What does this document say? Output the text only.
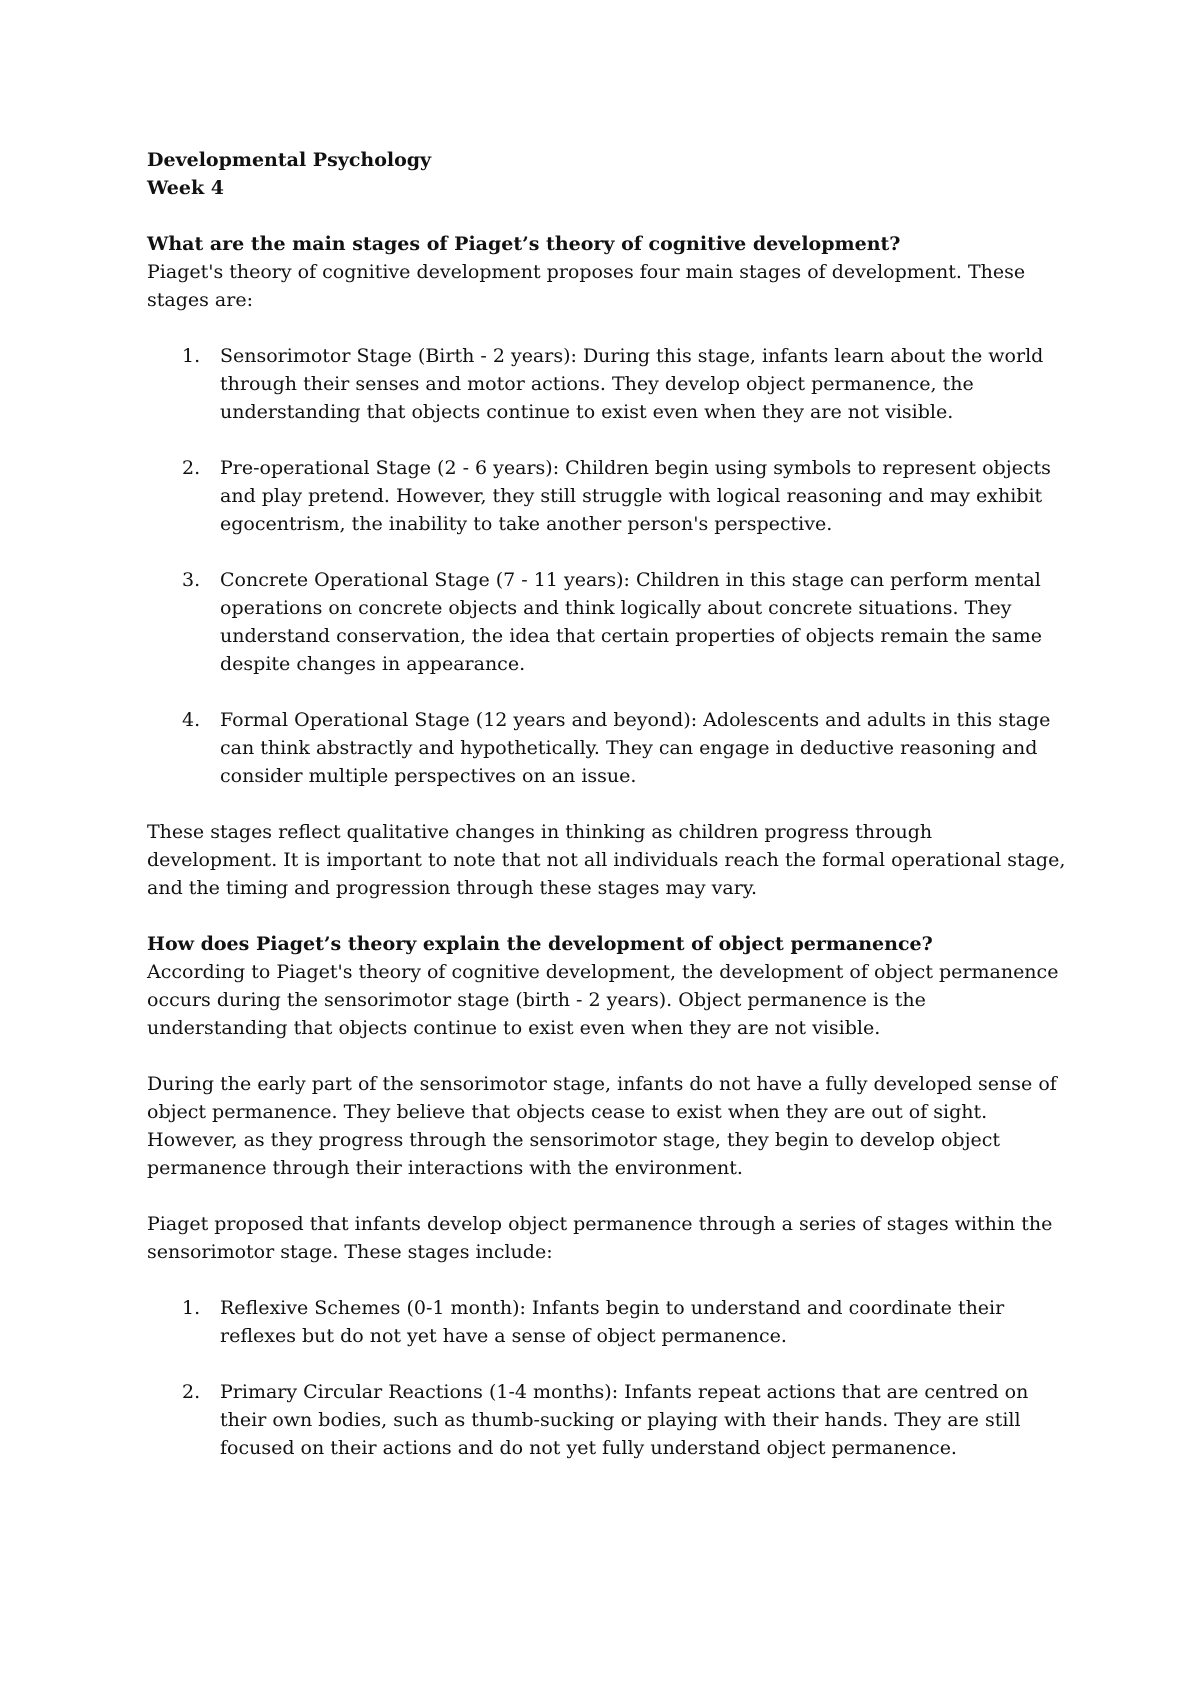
Developmental Psychology

Week 4

What are the main stages of Piaget’s theory of cognitive development?

Piaget's theory of cognitive development proposes four main stages of development. These stages are:

1. Sensorimotor Stage (Birth - 2 years): During this stage, infants learn about the world through their senses and motor actions. They develop object permanence, the understanding that objects continue to exist even when they are not visible.
2. Pre-operational Stage (2 - 6 years): Children begin using symbols to represent objects and play pretend. However, they still struggle with logical reasoning and may exhibit egocentrism, the inability to take another person's perspective.
3. Concrete Operational Stage (7 - 11 years): Children in this stage can perform mental operations on concrete objects and think logically about concrete situations. They understand conservation, the idea that certain properties of objects remain the same despite changes in appearance.
4. Formal Operational Stage (12 years and beyond): Adolescents and adults in this stage can think abstractly and hypothetically. They can engage in deductive reasoning and consider multiple perspectives on an issue.

These stages reflect qualitative changes in thinking as children progress through development. It is important to note that not all individuals reach the formal operational stage, and the timing and progression through these stages may vary.

How does Piaget’s theory explain the development of object permanence?

According to Piaget's theory of cognitive development, the development of object permanence occurs during the sensorimotor stage (birth - 2 years). Object permanence is the understanding that objects continue to exist even when they are not visible.

During the early part of the sensorimotor stage, infants do not have a fully developed sense of object permanence. They believe that objects cease to exist when they are out of sight. However, as they progress through the sensorimotor stage, they begin to develop object permanence through their interactions with the environment.

Piaget proposed that infants develop object permanence through a series of stages within the sensorimotor stage. These stages include:

1. Reflexive Schemes (0-1 month): Infants begin to understand and coordinate their reflexes but do not yet have a sense of object permanence.
2. Primary Circular Reactions (1-4 months): Infants repeat actions that are centred on their own bodies, such as thumb-sucking or playing with their hands. They are still focused on their actions and do not yet fully understand object permanence.
